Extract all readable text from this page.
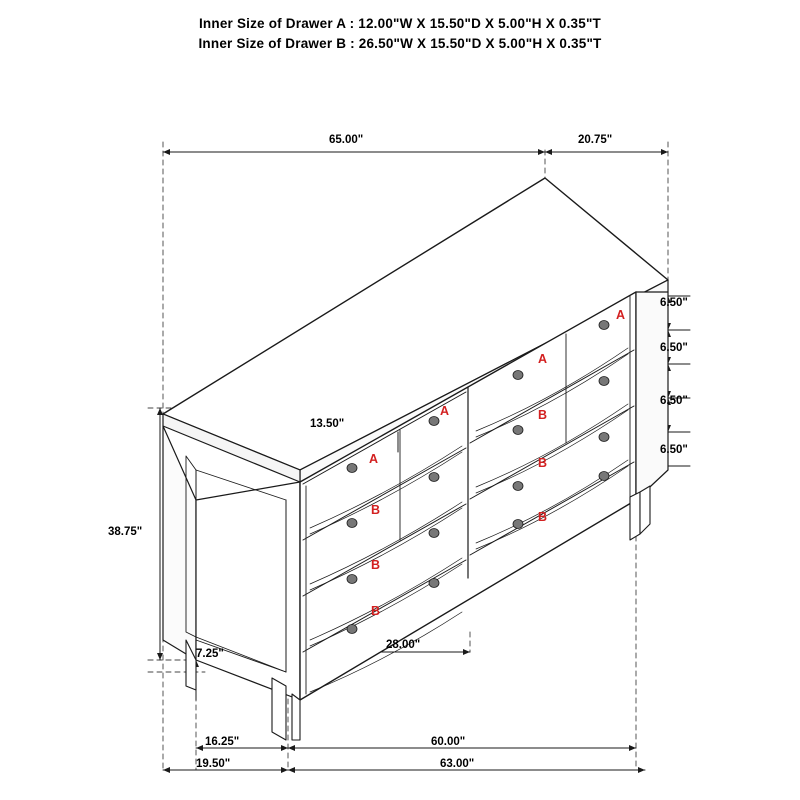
Inner Size of Drawer A : 12.00"W X 15.50"D X 5.00"H X 0.35"T
Inner Size of Drawer B : 26.50"W X 15.50"D X 5.00"H X 0.35"T
65.00"	20.75"
6.50"
6.50"
6.50"
6.50"
13.50"
38.75"
7.25"
28.00"
16.25"	60.00"
19.50"	63.00"
A
A
A
A
B
B
B
B
B
B
